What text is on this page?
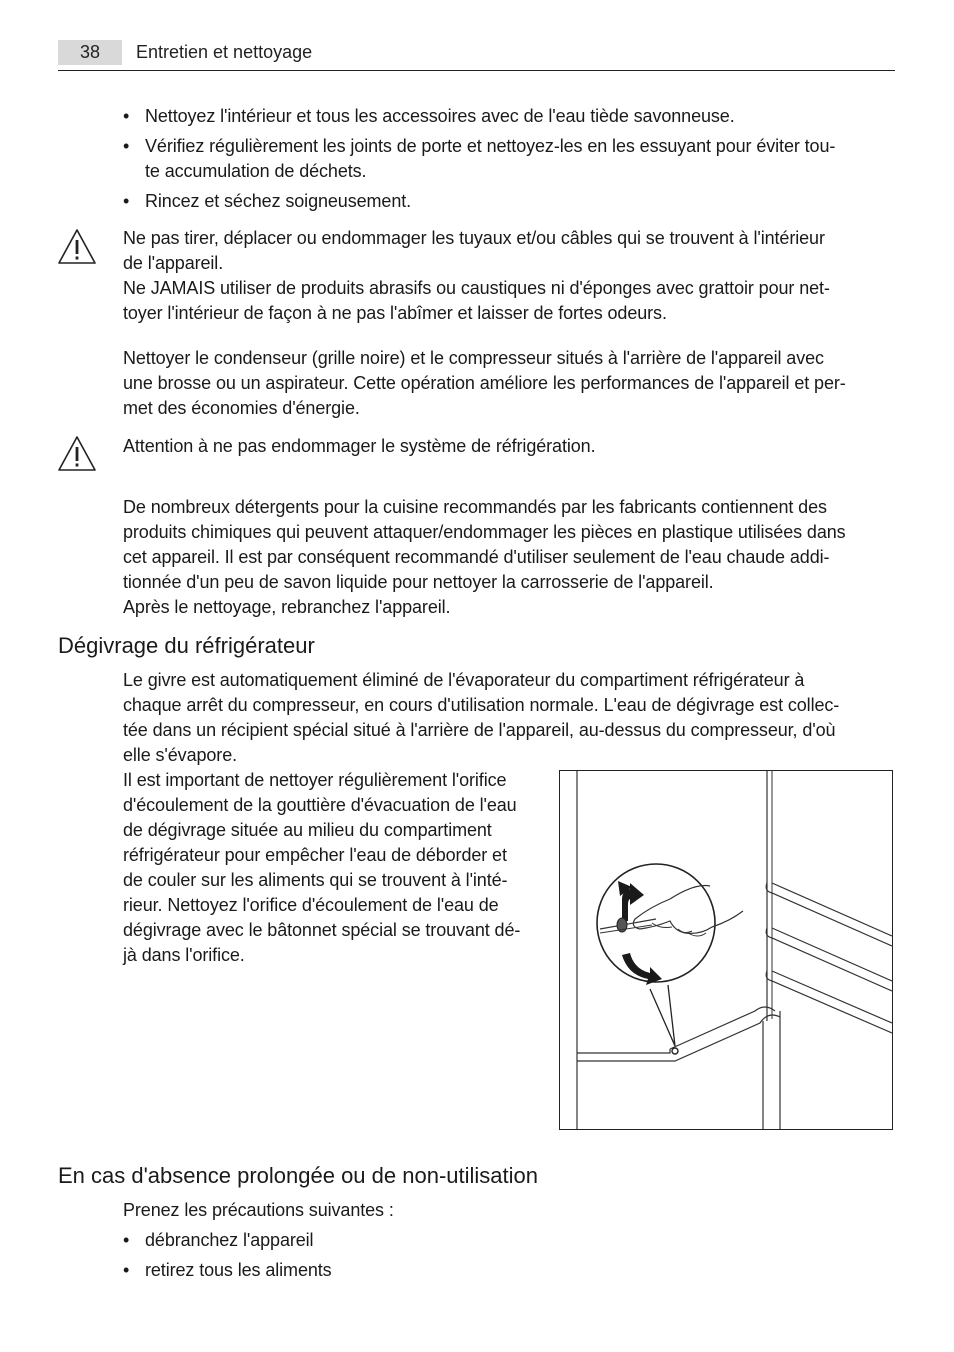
38	Entretien et nettoyage
• Nettoyez l'intérieur et tous les accessoires avec de l'eau tiède savonneuse.
• Vérifiez régulièrement les joints de porte et nettoyez-les en les essuyant pour éviter tou-
te accumulation de déchets.
• Rincez et séchez soigneusement.
Ne pas tirer, déplacer ou endommager les tuyaux et/ou câbles qui se trouvent à l'intérieur
de l'appareil.
Ne JAMAIS utiliser de produits abrasifs ou caustiques ni d'éponges avec grattoir pour net-
toyer l'intérieur de façon à ne pas l'abîmer et laisser de fortes odeurs.
Nettoyer le condenseur (grille noire) et le compresseur situés à l'arrière de l'appareil avec
une brosse ou un aspirateur. Cette opération améliore les performances de l'appareil et per-
met des économies d'énergie.
Attention à ne pas endommager le système de réfrigération.
De nombreux détergents pour la cuisine recommandés par les fabricants contiennent des
produits chimiques qui peuvent attaquer/endommager les pièces en plastique utilisées dans
cet appareil. Il est par conséquent recommandé d'utiliser seulement de l'eau chaude addi-
tionnée d'un peu de savon liquide pour nettoyer la carrosserie de l'appareil.
Après le nettoyage, rebranchez l'appareil.
Dégivrage du réfrigérateur
Le givre est automatiquement éliminé de l'évaporateur du compartiment réfrigérateur à
chaque arrêt du compresseur, en cours d'utilisation normale. L'eau de dégivrage est collec-
tée dans un récipient spécial situé à l'arrière de l'appareil, au-dessus du compresseur, d'où
elle s'évapore.
Il est important de nettoyer régulièrement l'orifice
d'écoulement de la gouttière d'évacuation de l'eau
de dégivrage située au milieu du compartiment
réfrigérateur pour empêcher l'eau de déborder et
de couler sur les aliments qui se trouvent à l'inté-
rieur. Nettoyez l'orifice d'écoulement de l'eau de
dégivrage avec le bâtonnet spécial se trouvant dé-
jà dans l'orifice.
En cas d'absence prolongée ou de non-utilisation
Prenez les précautions suivantes :
• débranchez l'appareil
• retirez tous les aliments
